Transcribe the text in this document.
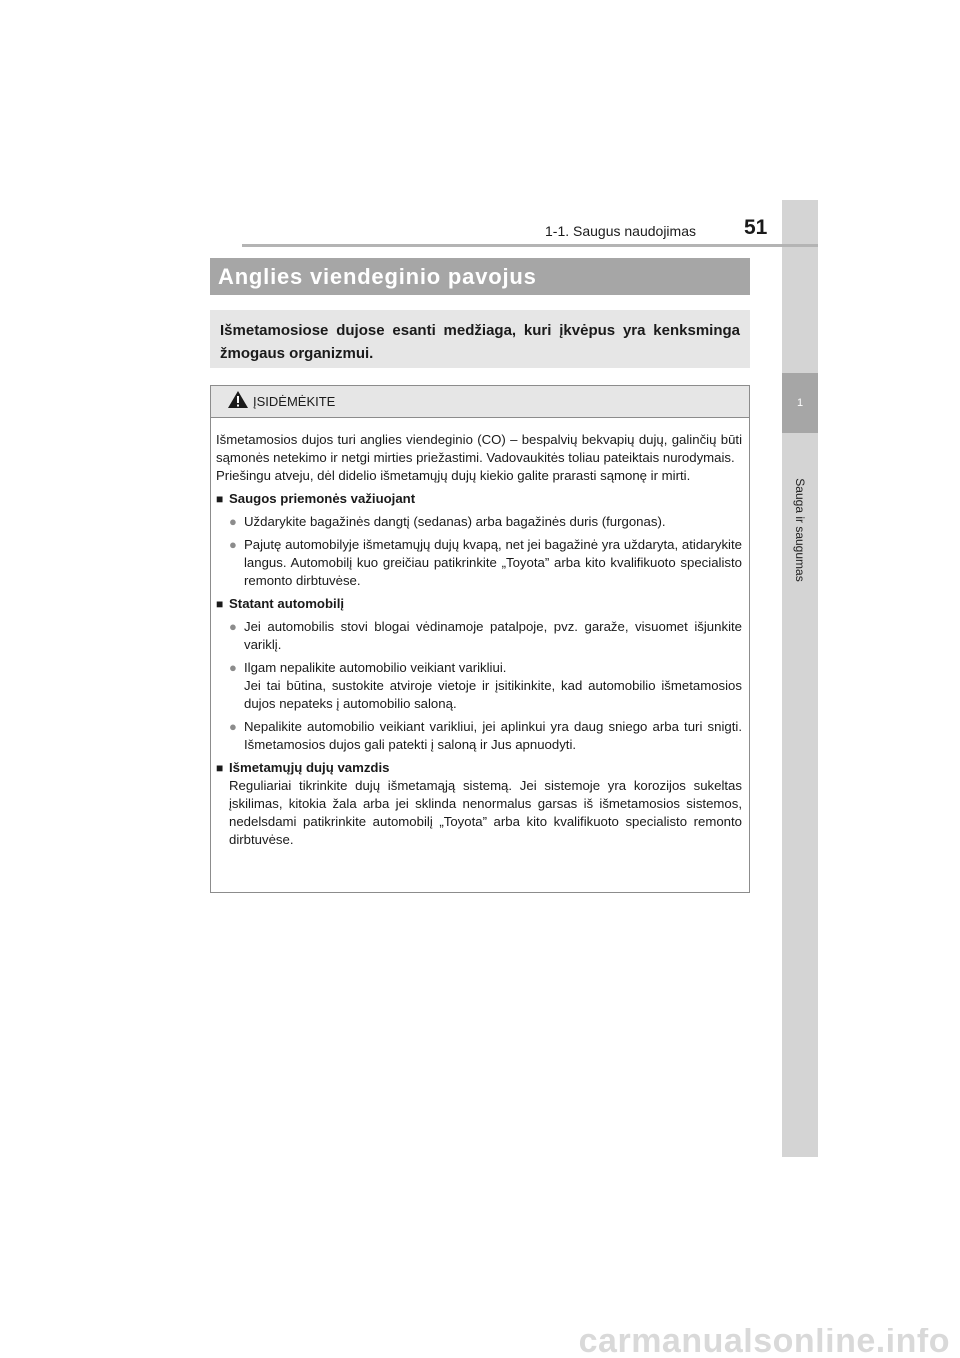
1
Sauga ir saugumas
1-1. Saugus naudojimas 51
Anglies viendeginio pavojus
Išmetamosiose dujose esanti medžiaga, kuri įkvėpus yra kenksminga žmogaus organizmui.
ĮSIDĖMĖKITE
Išmetamosios dujos turi anglies viendeginio (CO) – bespalvių bekvapių dujų, galinčių būti sąmonės netekimo ir netgi mirties priežastimi. Vadovaukitės toliau pateiktais nurodymais.
Priešingu atveju, dėl didelio išmetamųjų dujų kiekio galite prarasti sąmonę ir mirti.
■ Saugos priemonės važiuojant
● Uždarykite bagažinės dangtį (sedanas) arba bagažinės duris (furgonas).
● Pajutę automobilyje išmetamųjų dujų kvapą, net jei bagažinė yra uždaryta, atidarykite langus. Automobilį kuo greičiau patikrinkite „Toyota” arba kito kvalifikuoto specialisto remonto dirbtuvėse.
■ Statant automobilį
● Jei automobilis stovi blogai vėdinamoje patalpoje, pvz. garaže, visuomet išjunkite variklį.
● Ilgam nepalikite automobilio veikiant varikliui.
Jei tai būtina, sustokite atviroje vietoje ir įsitikinkite, kad automobilio išmetamosios dujos nepateks į automobilio saloną.
● Nepalikite automobilio veikiant varikliui, jei aplinkui yra daug sniego arba turi snigti. Išmetamosios dujos gali patekti į saloną ir Jus apnuodyti.
■ Išmetamųjų dujų vamzdis
Reguliariai tikrinkite dujų išmetamąją sistemą. Jei sistemoje yra korozijos sukeltas įskilimas, kitokia žala arba jei sklinda nenormalus garsas iš išmetamosios sistemos, nedelsdami patikrinkite automobilį „Toyota” arba kito kvalifikuoto specialisto remonto dirbtuvėse.
carmanualsonline.info
